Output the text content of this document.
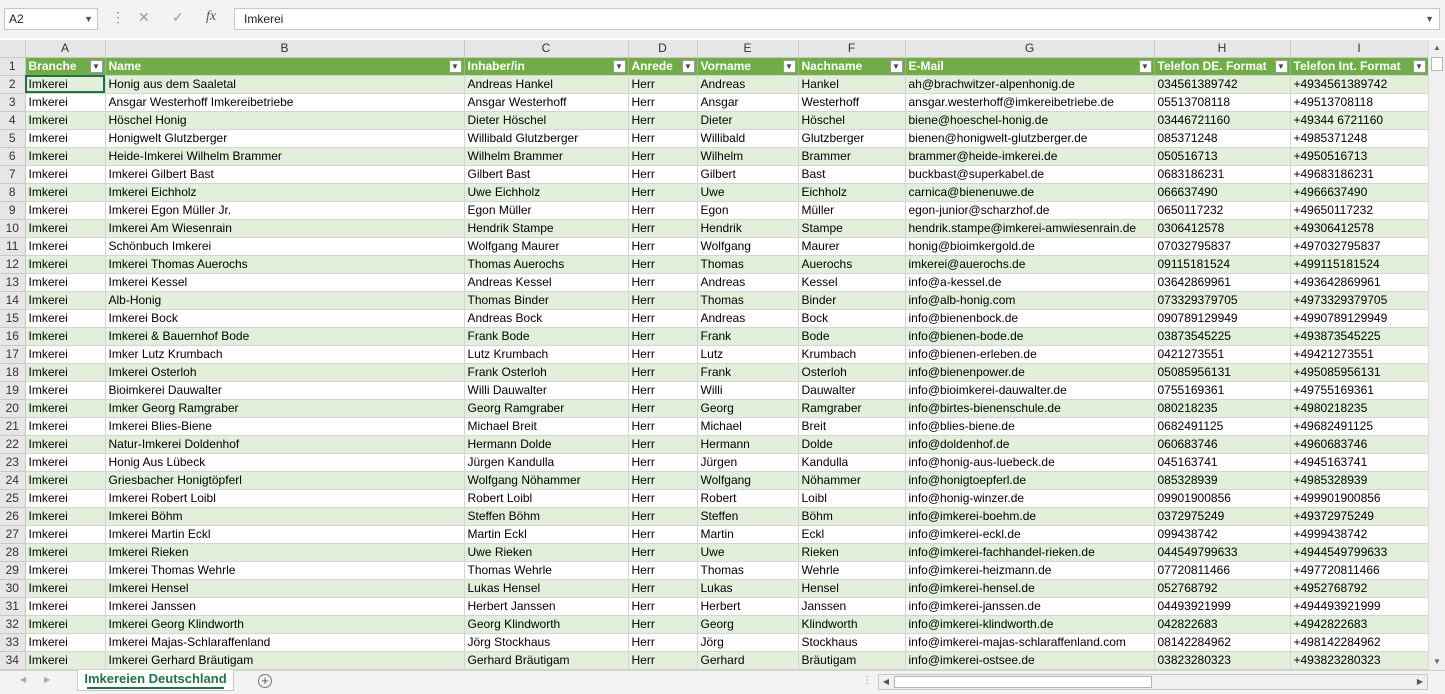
A2	▼ ⋮ ✕ ✓ fx	Imkerei	▼
	A	B	C	D	E	F	G	H	I
1	Branche ▼	Name ▼	Inhaber/in ▼	Anrede ▼	Vorname ▼	Nachname ▼	E-Mail ▼	Telefon DE. Format ▼	Telefon Int. Format ▼

2	Imkerei	Honig aus dem Saaletal	Andreas Hankel	Herr	Andreas	Hankel	ah@brachwitzer-alpenhonig.de	034561389742	+4934561389742
3	Imkerei	Ansgar Westerhoff Imkereibetriebe	Ansgar Westerhoff	Herr	Ansgar	Westerhoff	ansgar.westerhoff@imkereibetriebe.de	05513708118	+49513708118
4	Imkerei	Höschel Honig	Dieter Höschel	Herr	Dieter	Höschel	biene@hoeschel-honig.de	03446721160	+49344 6721160
5	Imkerei	Honigwelt Glutzberger	Willibald Glutzberger	Herr	Willibald	Glutzberger	bienen@honigwelt-glutzberger.de	085371248	+4985371248
6	Imkerei	Heide-Imkerei Wilhelm Brammer	Wilhelm Brammer	Herr	Wilhelm	Brammer	brammer@heide-imkerei.de	050516713	+4950516713
7	Imkerei	Imkerei Gilbert Bast	Gilbert Bast	Herr	Gilbert	Bast	buckbast@superkabel.de	0683186231	+49683186231
8	Imkerei	Imkerei Eichholz	Uwe Eichholz	Herr	Uwe	Eichholz	carnica@bienenuwe.de	066637490	+4966637490
9	Imkerei	Imkerei Egon Müller Jr.	Egon Müller	Herr	Egon	Müller	egon-junior@scharzhof.de	0650117232	+49650117232
10	Imkerei	Imkerei Am Wiesenrain	Hendrik Stampe	Herr	Hendrik	Stampe	hendrik.stampe@imkerei-amwiesenrain.de	0306412578	+49306412578
11	Imkerei	Schönbuch Imkerei	Wolfgang Maurer	Herr	Wolfgang	Maurer	honig@bioimkergold.de	07032795837	+497032795837
12	Imkerei	Imkerei Thomas Auerochs	Thomas Auerochs	Herr	Thomas	Auerochs	imkerei@auerochs.de	09115181524	+499115181524
13	Imkerei	Imkerei Kessel	Andreas Kessel	Herr	Andreas	Kessel	info@a-kessel.de	03642869961	+493642869961
14	Imkerei	Alb-Honig	Thomas Binder	Herr	Thomas	Binder	info@alb-honig.com	073329379705	+4973329379705
15	Imkerei	Imkerei Bock	Andreas Bock	Herr	Andreas	Bock	info@bienenbock.de	090789129949	+4990789129949
16	Imkerei	Imkerei & Bauernhof Bode	Frank Bode	Herr	Frank	Bode	info@bienen-bode.de	03873545225	+493873545225
17	Imkerei	Imker Lutz Krumbach	Lutz Krumbach	Herr	Lutz	Krumbach	info@bienen-erleben.de	0421273551	+49421273551
18	Imkerei	Imkerei Osterloh	Frank Osterloh	Herr	Frank	Osterloh	info@bienenpower.de	05085956131	+495085956131
19	Imkerei	Bioimkerei Dauwalter	Willi Dauwalter	Herr	Willi	Dauwalter	info@bioimkerei-dauwalter.de	0755169361	+49755169361
20	Imkerei	Imker Georg Ramgraber	Georg Ramgraber	Herr	Georg	Ramgraber	info@birtes-bienenschule.de	080218235	+4980218235
21	Imkerei	Imkerei Blies-Biene	Michael Breit	Herr	Michael	Breit	info@blies-biene.de	0682491125	+49682491125
22	Imkerei	Natur-Imkerei Doldenhof	Hermann Dolde	Herr	Hermann	Dolde	info@doldenhof.de	060683746	+4960683746
23	Imkerei	Honig Aus Lübeck	Jürgen Kandulla	Herr	Jürgen	Kandulla	info@honig-aus-luebeck.de	045163741	+4945163741
24	Imkerei	Griesbacher Honigtöpferl	Wolfgang Nöhammer	Herr	Wolfgang	Nöhammer	info@honigtoepferl.de	085328939	+4985328939
25	Imkerei	Imkerei Robert Loibl	Robert Loibl	Herr	Robert	Loibl	info@honig-winzer.de	09901900856	+499901900856
26	Imkerei	Imkerei Böhm	Steffen Böhm	Herr	Steffen	Böhm	info@imkerei-boehm.de	0372975249	+49372975249
27	Imkerei	Imkerei Martin Eckl	Martin Eckl	Herr	Martin	Eckl	info@imkerei-eckl.de	099438742	+4999438742
28	Imkerei	Imkerei Rieken	Uwe Rieken	Herr	Uwe	Rieken	info@imkerei-fachhandel-rieken.de	044549799633	+4944549799633
29	Imkerei	Imkerei Thomas Wehrle	Thomas Wehrle	Herr	Thomas	Wehrle	info@imkerei-heizmann.de	07720811466	+497720811466
30	Imkerei	Imkerei Hensel	Lukas Hensel	Herr	Lukas	Hensel	info@imkerei-hensel.de	052768792	+4952768792
31	Imkerei	Imkerei Janssen	Herbert Janssen	Herr	Herbert	Janssen	info@imkerei-janssen.de	04493921999	+494493921999
32	Imkerei	Imkerei Georg Klindworth	Georg Klindworth	Herr	Georg	Klindworth	info@imkerei-klindworth.de	042822683	+4942822683
33	Imkerei	Imkerei Majas-Schlaraffenland	Jörg Stockhaus	Herr	Jörg	Stockhaus	info@imkerei-majas-schlaraffenland.com	08142284962	+498142284962
34	Imkerei	Imkerei Gerhard Bräutigam	Gerhard Bräutigam	Herr	Gerhard	Bräutigam	info@imkerei-ostsee.de	03823280323	+493823280323
▲
▼
◀ ▶	Imkereien Deutschland	+	⋮	◀	▶
